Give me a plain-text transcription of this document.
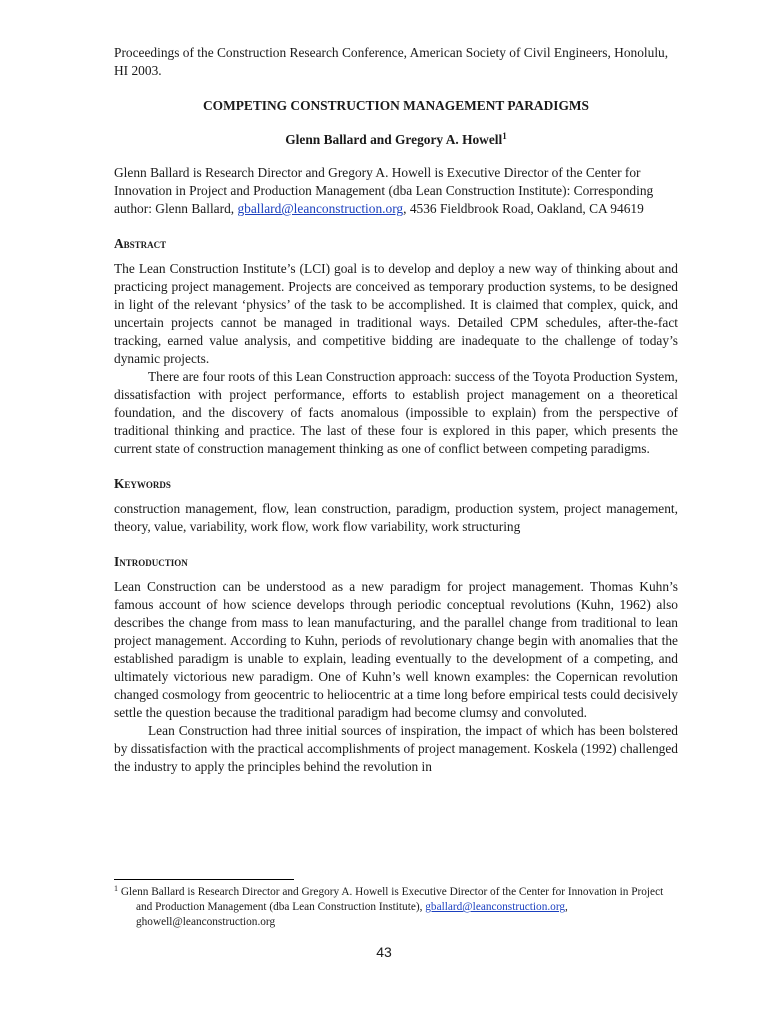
Proceedings of the Construction Research Conference, American Society of Civil Engineers, Honolulu, HI 2003.

COMPETING CONSTRUCTION MANAGEMENT PARADIGMS

Glenn Ballard and Gregory A. Howell$^1$

Glenn Ballard is Research Director and Gregory A. Howell is Executive Director of the Center for Innovation in Project and Production Management (dba Lean Construction Institute): Corresponding author: Glenn Ballard, gballard@leanconstruction.org, 4536 Fieldbrook Road, Oakland, CA 94619

Abstract

The Lean Construction Institute’s (LCI) goal is to develop and deploy a new way of thinking about and practicing project management. Projects are conceived as temporary production systems, to be designed in light of the relevant ‘physics’ of the task to be accomplished. It is claimed that complex, quick, and uncertain projects cannot be managed in traditional ways. Detailed CPM schedules, after-the-fact tracking, earned value analysis, and competitive bidding are inadequate to the challenge of today’s dynamic projects.

There are four roots of this Lean Construction approach: success of the Toyota Production System, dissatisfaction with project performance, efforts to establish project management on a theoretical foundation, and the discovery of facts anomalous (impossible to explain) from the perspective of traditional thinking and practice. The last of these four is explored in this paper, which presents the current state of construction management thinking as one of conflict between competing paradigms.

Keywords

construction management, flow, lean construction, paradigm, production system, project management, theory, value, variability, work flow, work flow variability, work structuring

Introduction

Lean Construction can be understood as a new paradigm for project management. Thomas Kuhn’s famous account of how science develops through periodic conceptual revolutions (Kuhn, 1962) also describes the change from mass to lean manufacturing, and the parallel change from traditional to lean project management. According to Kuhn, periods of revolutionary change begin with anomalies that the established paradigm is unable to explain, leading eventually to the development of a competing, and ultimately victorious new paradigm. One of Kuhn’s well known examples: the Copernican revolution changed cosmology from geocentric to heliocentric at a time long before empirical tests could decisively settle the question because the traditional paradigm had become clumsy and convoluted.

Lean Construction had three initial sources of inspiration, the impact of which has been bolstered by dissatisfaction with the practical accomplishments of project management. Koskela (1992) challenged the industry to apply the principles behind the revolution in

$^1$ Glenn Ballard is Research Director and Gregory A. Howell is Executive Director of the Center for Innovation in Project and Production Management (dba Lean Construction Institute), gballard@leanconstruction.org, ghowell@leanconstruction.org

43
